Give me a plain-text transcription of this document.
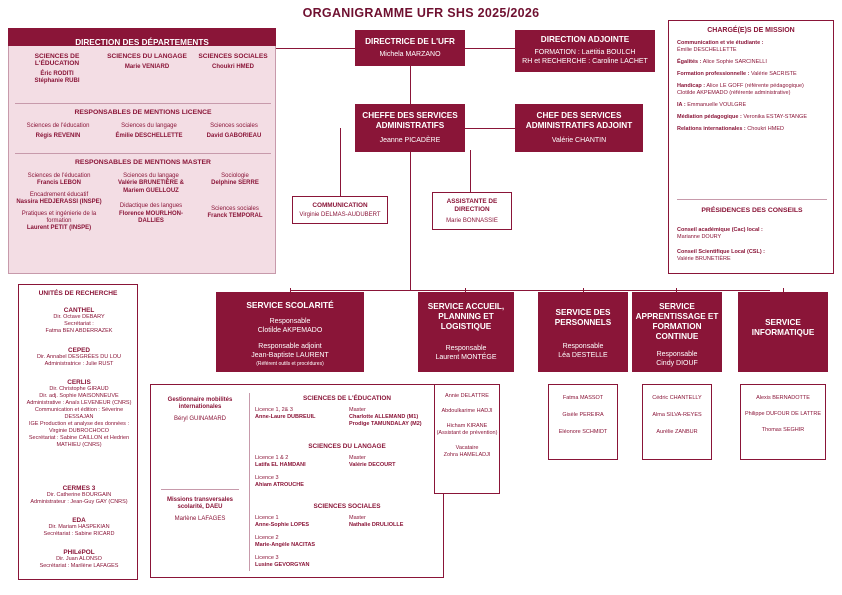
ORGANIGRAMME UFR SHS 2025/2026
DIRECTION DES DÉPARTEMENTS
SCIENCES DE L'ÉDUCATION
Éric RODITI
Stéphanie RUBI
SCIENCES DU LANGAGE
Marie VENIARD
SCIENCES SOCIALES
Choukri HMED
RESPONSABLES DE MENTIONS LICENCE
Sciences de l'éducation
Régis REVENIN
Sciences du langage
Émilie DESCHELLETTE
Sciences sociales
David GABORIEAU
RESPONSABLES DE MENTIONS MASTER
Sciences de l'éducation
Francis LEBON
Encadrement éducatif
Nassira HEDJERASSI (INSPE)
Pratiques et ingénierie de la formation
Laurent PETIT (INSPE)
Sciences du langage
Valérie BRUNETIÈRE &
Mariem GUELLOUZ
Didactique des langues
Florence MOURLHON-DALLIES
Sociologie
Delphine SERRE
Sciences sociales
Franck TEMPORAL
DIRECTRICE DE L'UFR
Michela MARZANO
DIRECTION ADJOINTE
FORMATION : Laëtitia BOULCH
RH et RECHERCHE : Caroline LACHET
CHEFFE DES SERVICES ADMINISTRATIFS
Jeanne PICADÈRE
CHEF DES SERVICES ADMINISTRATIFS ADJOINT
Valérie CHANTIN
COMMUNICATION
Virginie DELMAS-AUDUBERT
ASSISTANTE DE DIRECTION
Marie BONNASSIE
CHARGÉ(E)S DE MISSION
Communication et vie étudiante :
Émilie DESCHELLETTE
Égalités : Alice Sophie SARCINELLI
Formation professionnelle : Valérie SACRISTE
Handicap : Alice LE GOFF (référente pédagogique)
Clotilde AKPEMADO (référente administrative)
IA : Emmanuelle VOULGRE
Médiation pédagogique : Veronika ESTAY-STANGE
Relations internationales : Choukri HMED
PRÉSIDENCES DES CONSEILS
Conseil académique (Cac) local :
Marianne DOURY
Conseil Scientifique Local (CSL) :
Valérie BRUNETIÈRE
UNITÉS DE RECHERCHE
CANTHEL
Dir. Octave DEBARY
Secrétariat :
Fatma BEN ABDERRAZEK
CEPED
Dir. Annabel DESGRÉES DU LOU
Administratrice : Julie RUST
CERLIS
Dir. Christophe GIRAUD
Dir. adj. Sophie MAISONNEUVE
Administrative : Anaïs LEVENEUR (CNRS)
Communication et édition : Séverine DESSAJAN
IGE Production et analyse des données : Virginie DUBROCHOCO
Secrétariat : Sabine CAILLON et Hedrien MATHIEU (CNRS)
CERMES 3
Dir. Catherine BOURGAIN
Administrateur : Jean-Guy GAY (CNRS)
EDA
Dir. Mariam HASPEKIAN
Secrétariat : Sabine RICARD
PHILéPOL
Dir. Juan ALONSO
Secrétariat : Marilène LAFAGES
SERVICE SCOLARITÉ
Responsable
Clotilde AKPEMADO
Responsable adjoint
Jean-Baptiste LAURENT
(Référent outils et procédures)
Gestionnaire mobilités internationales
Béryl GUINAMARD
Missions transversales scolarité, DAEU
Marlène LAFAGES
SCIENCES DE L'ÉDUCATION
Licence 1, 2& 3
Anne-Laure DUBREUIL
Master
Charlotte ALLEMAND (M1)
Prodige TAMUNDALAY (M2)
SCIENCES DU LANGAGE
Licence 1 & 2
Latifa EL HAMDANI
Master
Valérie DECOURT
Licence 3
Ahiam ATROUCHE
SCIENCES SOCIALES
Licence 1
Anne-Sophie LOPES
Master
Nathalie DRULIOLLE
Licence 2
Marie-Angèle NACITAS
Licence 3
Lusine GEVORGYAN
SERVICE ACCUEIL, PLANNING ET LOGISTIQUE
Responsable
Laurent MONTÉGE
Annie DELATTRE
Abdoulkarime HADJI
Hicham KIRANE
(Assistant de prévention)
Vacataire
Zohra HAMELADJI
SERVICE DES PERSONNELS
Responsable
Léa DESTELLE
Fatma MASSOT
Gisèle PEREIRA
Eléonore SCHMIDT
SERVICE APPRENTISSAGE ET FORMATION CONTINUE
Responsable
Cindy DIOUF
Cédric CHANTELLY
Alma SILVA-REYES
Aurélie ZANBUR
SERVICE INFORMATIQUE
Alexis BERNADOTTE
Philippe DUFOUR DE LATTRE
Thomas SEGHIR
